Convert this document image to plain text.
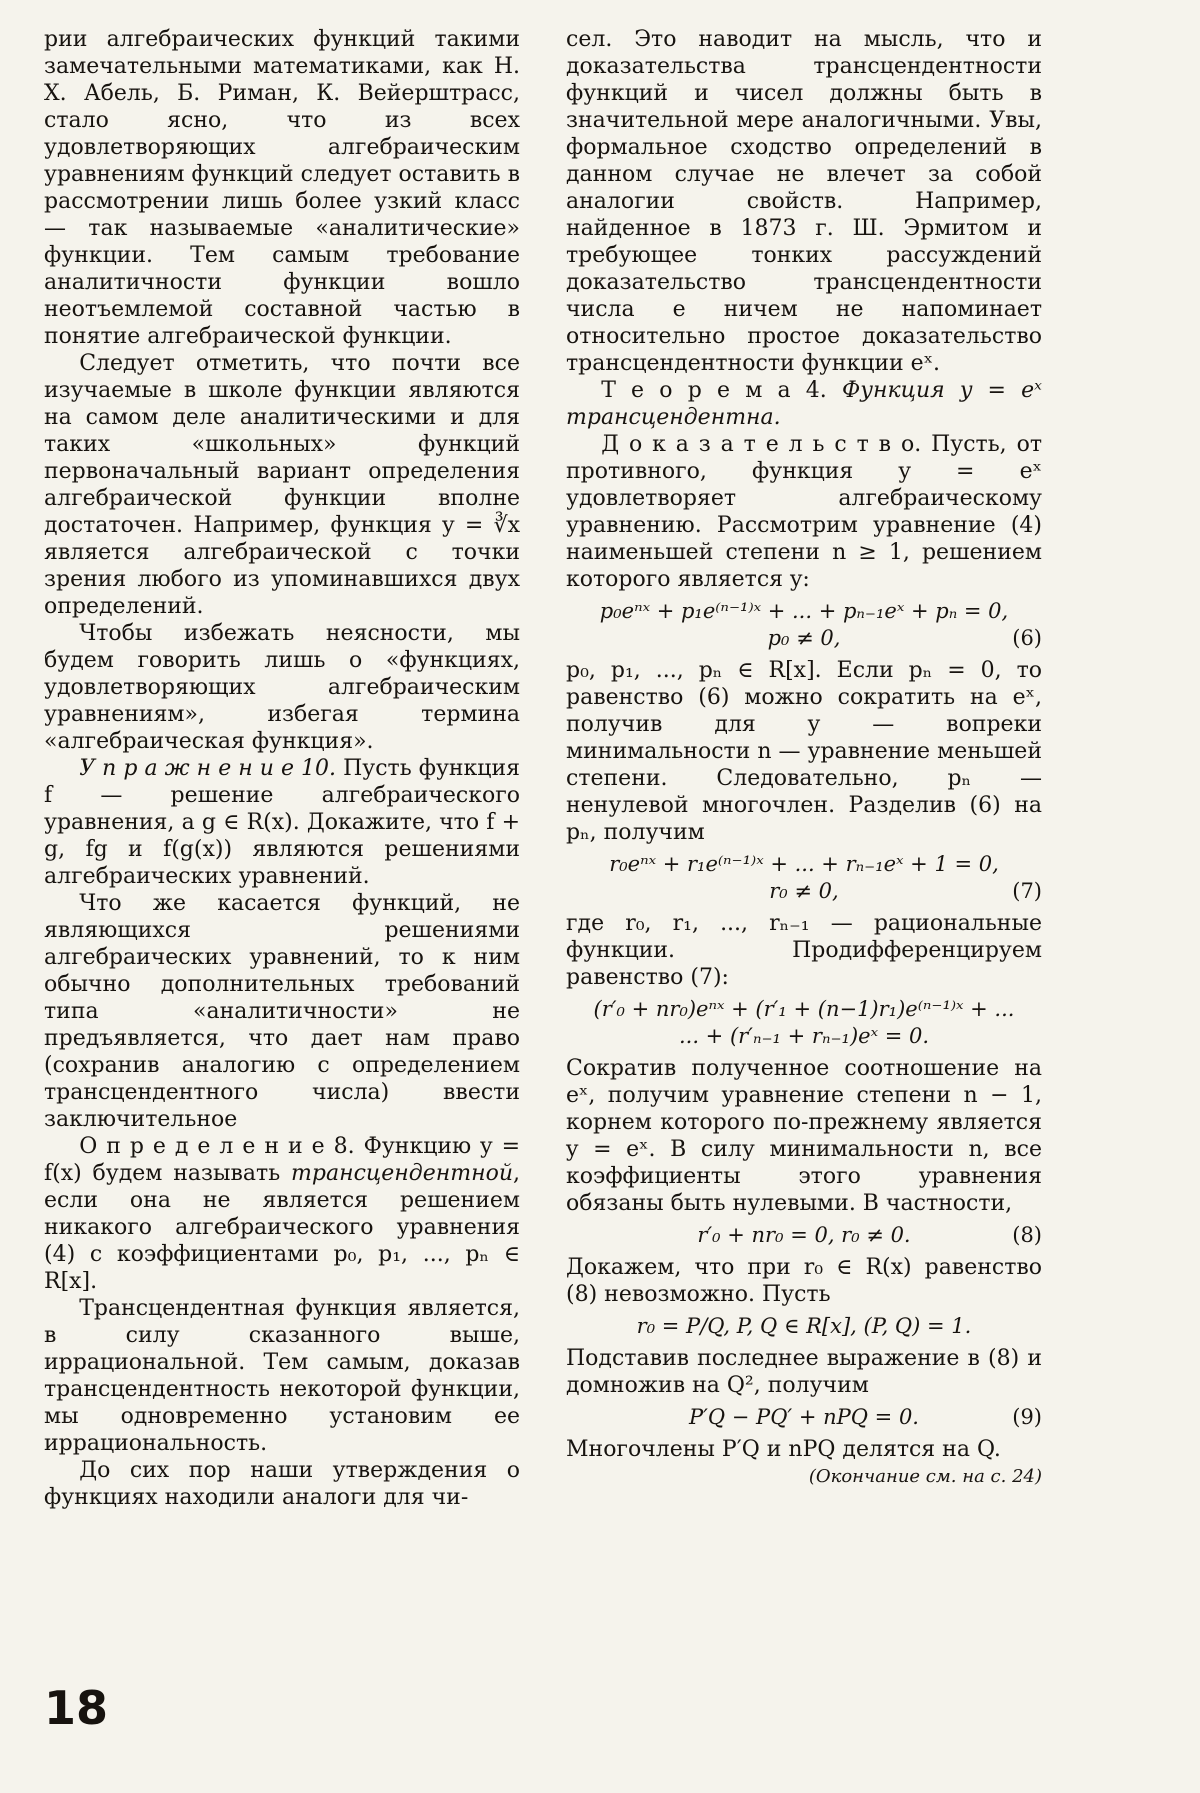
рии алгебраических функций такими замечательными математиками, как Н. Х. Абель, Б. Риман, К. Вейерштрасс, стало ясно, что из всех удовлетворяющих алгебраическим уравнениям функций следует оставить в рассмотрении лишь более узкий класс — так называемые «аналитические» функции. Тем самым требование аналитичности функции вошло неотъемлемой составной частью в понятие алгебраической функции.

Следует отметить, что почти все изучаемые в школе функции являются на самом деле аналитическими и для таких «школьных» функций первоначальный вариант определения алгебраической функции вполне достаточен. Например, функция y = ∛x является алгебраической с точки зрения любого из упоминавшихся двух определений.

Чтобы избежать неясности, мы будем говорить лишь о «функциях, удовлетворяющих алгебраическим уравнениям», избегая термина «алгебраическая функция».

У п р а ж н е н и е 10. Пусть функция f — решение алгебраического уравнения, а g ∈ R(x). Докажите, что f + g, fg и f(g(x)) являются решениями алгебраических уравнений.

Что же касается функций, не являющихся решениями алгебраических уравнений, то к ним обычно дополнительных требований типа «аналитичности» не предъявляется, что дает нам право (сохранив аналогию с определением трансцендентного числа) ввести заключительное

О п р е д е л е н и е 8. Функцию y = f(x) будем называть трансцендентной, если она не является решением никакого алгебраического уравнения (4) с коэффициентами p₀, p₁, ..., pₙ ∈ R[x].

Трансцендентная функция является, в силу сказанного выше, иррациональной. Тем самым, доказав трансцендентность некоторой функции, мы одновременно установим ее иррациональность.

До сих пор наши утверждения о функциях находили аналоги для чи-

сел. Это наводит на мысль, что и доказательства трансцендентности функций и чисел должны быть в значительной мере аналогичными. Увы, формальное сходство определений в данном случае не влечет за собой аналогии свойств. Например, найденное в 1873 г. Ш. Эрмитом и требующее тонких рассуждений доказательство трансцендентности числа e ничем не напоминает относительно простое доказательство трансцендентности функции eˣ.

Т е о р е м а 4. Функция y = eˣ трансцендентна.

Д о к а з а т е л ь с т в о. Пусть, от противного, функция y = eˣ удовлетворяет алгебраическому уравнению. Рассмотрим уравнение (4) наименьшей степени n ≥ 1, решением которого является y:

p₀eⁿˣ + p₁e⁽ⁿ⁻¹⁾ˣ + ... + pₙ₋₁eˣ + pₙ = 0,
p₀ ≠ 0,	(6)

p₀, p₁, ..., pₙ ∈ R[x]. Если pₙ = 0, то равенство (6) можно сократить на eˣ, получив для y — вопреки минимальности n — уравнение меньшей степени. Следовательно, pₙ — ненулевой многочлен. Разделив (6) на pₙ, получим

r₀eⁿˣ + r₁e⁽ⁿ⁻¹⁾ˣ + ... + rₙ₋₁eˣ + 1 = 0,
r₀ ≠ 0,	(7)

где r₀, r₁, ..., rₙ₋₁ — рациональные функции. Продифференцируем равенство (7):

(r′₀ + nr₀)eⁿˣ + (r′₁ + (n−1)r₁)e⁽ⁿ⁻¹⁾ˣ + ...
... + (r′ₙ₋₁ + rₙ₋₁)eˣ = 0.

Сократив полученное соотношение на eˣ, получим уравнение степени n − 1, корнем которого по-прежнему является y = eˣ. В силу минимальности n, все коэффициенты этого уравнения обязаны быть нулевыми. В частности,

r′₀ + nr₀ = 0, r₀ ≠ 0.	(8)

Докажем, что при r₀ ∈ R(x) равенство (8) невозможно. Пусть

r₀ = P/Q, P, Q ∈ R[x], (P, Q) = 1.

Подставив последнее выражение в (8) и домножив на Q², получим

P′Q − PQ′ + nPQ = 0.	(9)

Многочлены P′Q и nPQ делятся на Q.

(Окончание см. на с. 24)

18
